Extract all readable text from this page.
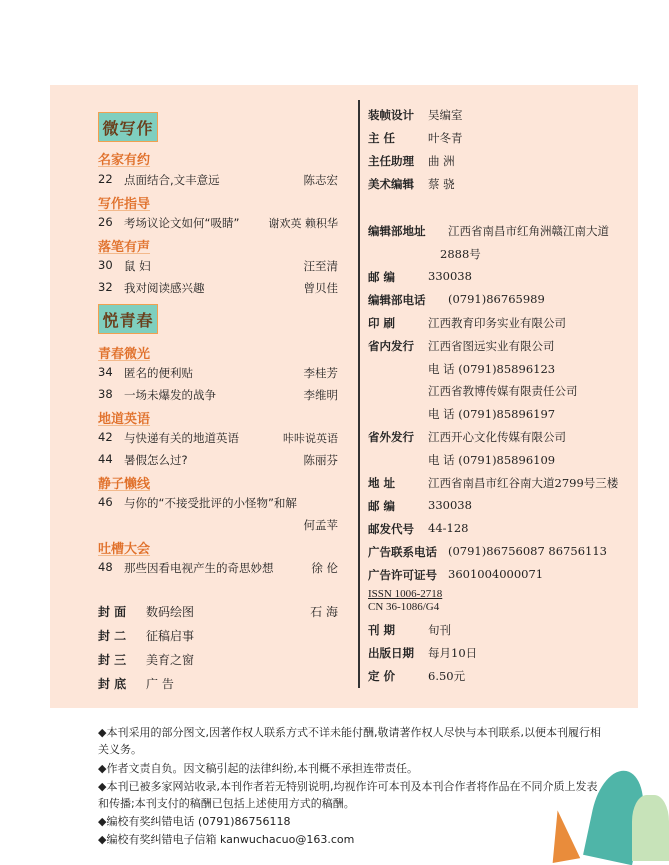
微写作
名家有约
22 点面结合,文丰意远	陈志宏
写作指导
26 考场议论文如何“吸睛”	谢欢英 赖积华
落笔有声
30 鼠 妇	汪至清
32 我对阅读感兴趣	曾贝佳
悦青春
青春微光
34 匿名的便利贴	李桂芳
38 一场未爆发的战争	李维明
地道英语
42 与快递有关的地道英语	咔咔说英语
44 暑假怎么过?	陈丽芬
静子懒线
46 与你的“不接受批评的小怪物”和解
何孟苹
吐槽大会
48 那些因看电视产生的奇思妙想	徐 伦
封 面 数码绘图	石 海
封 二 征稿启事
封 三 美育之窗
封 底 广 告
装帧设计 吴编室
主 任	叶冬青
主任助理 曲 洲
美术编辑 蔡 骁
编辑部地址 江西省南昌市红角洲赣江南大道
2888号
邮 编	330038
编辑部电话 (0791)86765989
印 刷	江西教育印务实业有限公司
省内发行 江西省图远实业有限公司
电 话 (0791)85896123
江西省教博传媒有限责任公司
电 话 (0791)85896197
省外发行 江西开心文化传媒有限公司
电 话 (0791)85896109
地 址	江西省南昌市红谷南大道2799号三楼
邮 编	330038
邮发代号 44-128
广告联系电话 (0791)86756087 86756113
广告许可证号 3601004000071
ISSN 1006-2718
CN 36-1086/G4
刊 期	旬刊
出版日期 每月10日
定 价	6.50元
◆本刊采用的部分图文,因著作权人联系方式不详未能付酬,敬请著作权人尽快与本刊联系,以便本刊履行相关义务。
◆作者文责自负。因文稿引起的法律纠纷,本刊概不承担连带责任。
◆本刊已被多家网站收录,本刊作者若无特别说明,均视作许可本刊及本刊合作者将作品在不同介质上发表和传播;本刊支付的稿酬已包括上述使用方式的稿酬。
◆编校有奖纠错电话 (0791)86756118
◆编校有奖纠错电子信箱 kanwuchacuo@163.com
